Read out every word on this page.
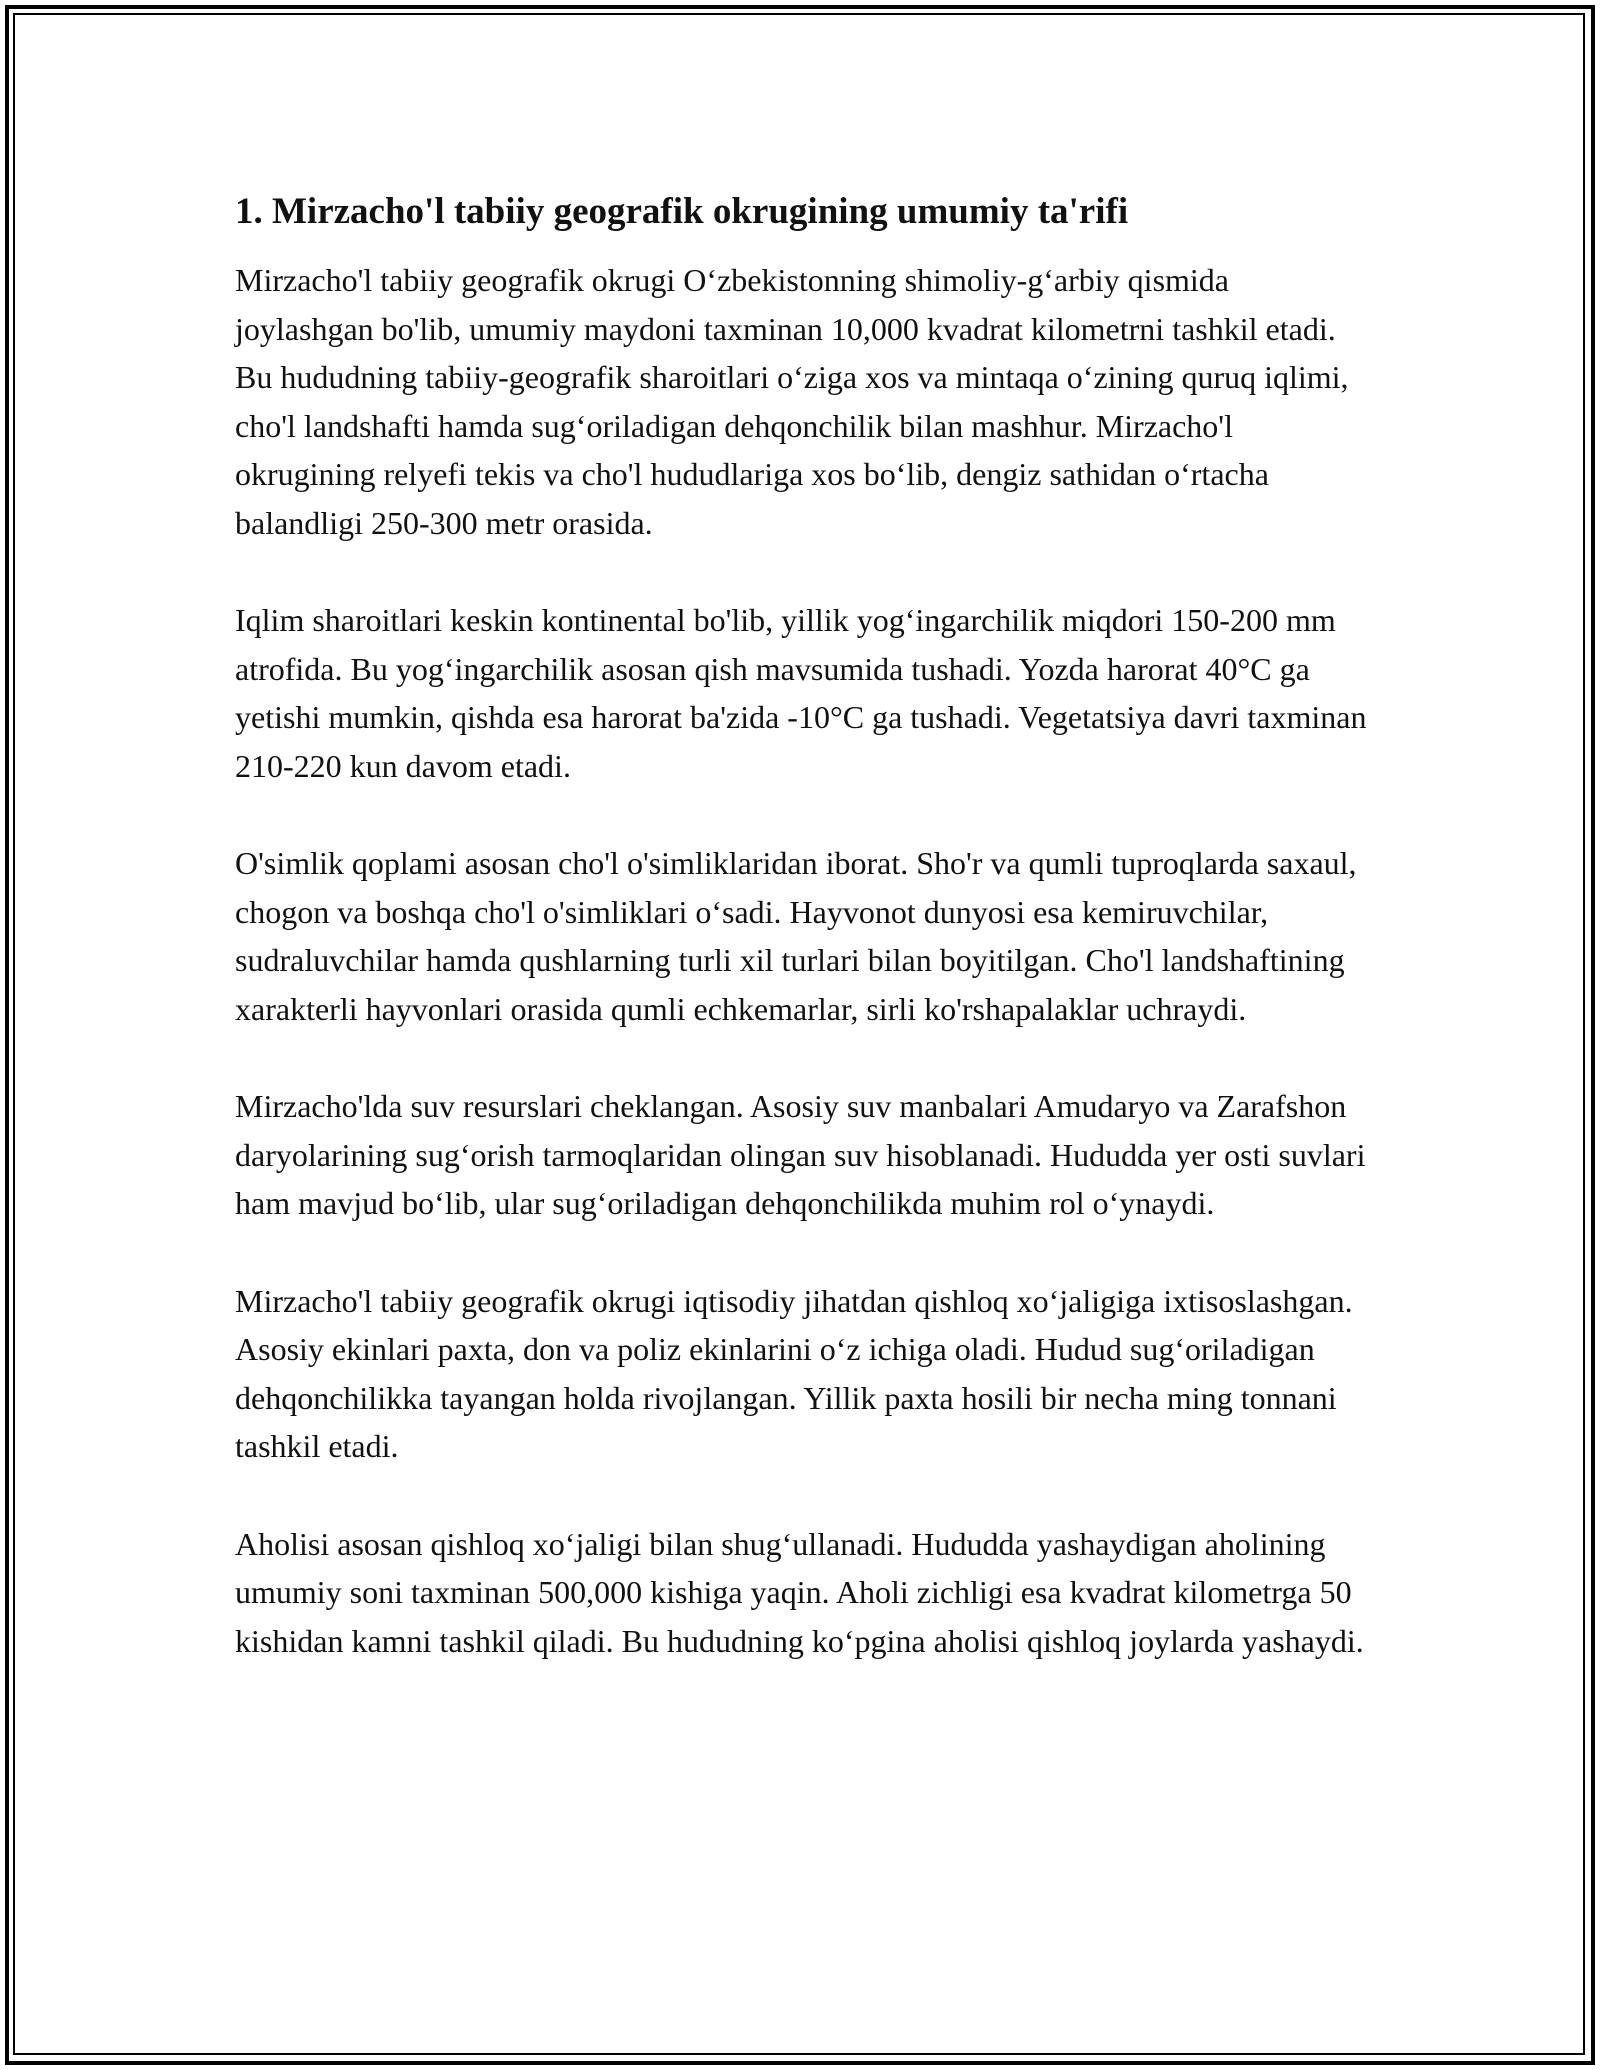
1. Mirzacho'l tabiiy geografik okrugining umumiy ta'rifi

Mirzacho'l tabiiy geografik okrugi O‘zbekistonning shimoliy-g‘arbiy qismida joylashgan bo'lib, umumiy maydoni taxminan 10,000 kvadrat kilometrni tashkil etadi. Bu hududning tabiiy-geografik sharoitlari o‘ziga xos va mintaqa o‘zining quruq iqlimi, cho'l landshafti hamda sug‘oriladigan dehqonchilik bilan mashhur. Mirzacho'l okrugining relyefi tekis va cho'l hududlariga xos bo‘lib, dengiz sathidan o‘rtacha balandligi 250-300 metr orasida.

Iqlim sharoitlari keskin kontinental bo'lib, yillik yog‘ingarchilik miqdori 150-200 mm atrofida. Bu yog‘ingarchilik asosan qish mavsumida tushadi. Yozda harorat 40°C ga yetishi mumkin, qishda esa harorat ba'zida -10°C ga tushadi. Vegetatsiya davri taxminan 210-220 kun davom etadi.

O'simlik qoplami asosan cho'l o'simliklaridan iborat. Sho'r va qumli tuproqlarda saxaul, chogon va boshqa cho'l o'simliklari o‘sadi. Hayvonot dunyosi esa kemiruvchilar, sudraluvchilar hamda qushlarning turli xil turlari bilan boyitilgan. Cho'l landshaftining xarakterli hayvonlari orasida qumli echkemarlar, sirli ko'rshapalaklar uchraydi.

Mirzacho'lda suv resurslari cheklangan. Asosiy suv manbalari Amudaryo va Zarafshon daryolarining sug‘orish tarmoqlaridan olingan suv hisoblanadi. Hududda yer osti suvlari ham mavjud bo‘lib, ular sug‘oriladigan dehqonchilikda muhim rol o‘ynaydi.

Mirzacho'l tabiiy geografik okrugi iqtisodiy jihatdan qishloq xo‘jaligiga ixtisoslashgan. Asosiy ekinlari paxta, don va poliz ekinlarini o‘z ichiga oladi. Hudud sug‘oriladigan dehqonchilikka tayangan holda rivojlangan. Yillik paxta hosili bir necha ming tonnani tashkil etadi.

Aholisi asosan qishloq xo‘jaligi bilan shug‘ullanadi. Hududda yashaydigan aholining umumiy soni taxminan 500,000 kishiga yaqin. Aholi zichligi esa kvadrat kilometrga 50 kishidan kamni tashkil qiladi. Bu hududning ko‘pgina aholisi qishloq joylarda yashaydi.
